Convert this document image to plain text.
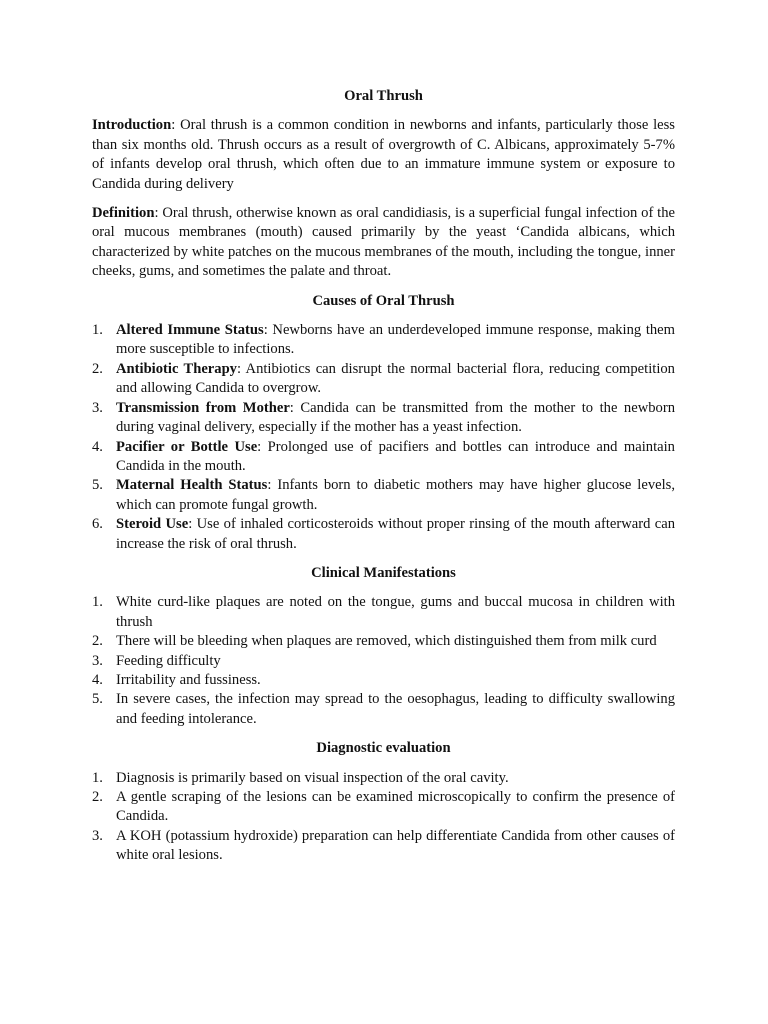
Oral Thrush

Introduction: Oral thrush is a common condition in newborns and infants, particularly those less than six months old. Thrush occurs as a result of overgrowth of C. Albicans, approximately 5-7% of infants develop oral thrush, which often due to an immature immune system or exposure to Candida during delivery

Definition: Oral thrush, otherwise known as oral candidiasis, is a superficial fungal infection of the oral mucous membranes (mouth) caused primarily by the yeast ‘Candida albicans, which characterized by white patches on the mucous membranes of the mouth, including the tongue, inner cheeks, gums, and sometimes the palate and throat.

Causes of Oral Thrush
1. Altered Immune Status: Newborns have an underdeveloped immune response, making them more susceptible to infections.
2. Antibiotic Therapy: Antibiotics can disrupt the normal bacterial flora, reducing competition and allowing Candida to overgrow.
3. Transmission from Mother: Candida can be transmitted from the mother to the newborn during vaginal delivery, especially if the mother has a yeast infection.
4. Pacifier or Bottle Use: Prolonged use of pacifiers and bottles can introduce and maintain Candida in the mouth.
5. Maternal Health Status: Infants born to diabetic mothers may have higher glucose levels, which can promote fungal growth.
6. Steroid Use: Use of inhaled corticosteroids without proper rinsing of the mouth afterward can increase the risk of oral thrush.
Clinical Manifestations
1. White curd-like plaques are noted on the tongue, gums and buccal mucosa in children with thrush
2. There will be bleeding when plaques are removed, which distinguished them from milk curd
3. Feeding difficulty
4. Irritability and fussiness.
5. In severe cases, the infection may spread to the oesophagus, leading to difficulty swallowing and feeding intolerance.
Diagnostic evaluation
1. Diagnosis is primarily based on visual inspection of the oral cavity.
2. A gentle scraping of the lesions can be examined microscopically to confirm the presence of Candida.
3. A KOH (potassium hydroxide) preparation can help differentiate Candida from other causes of white oral lesions.
